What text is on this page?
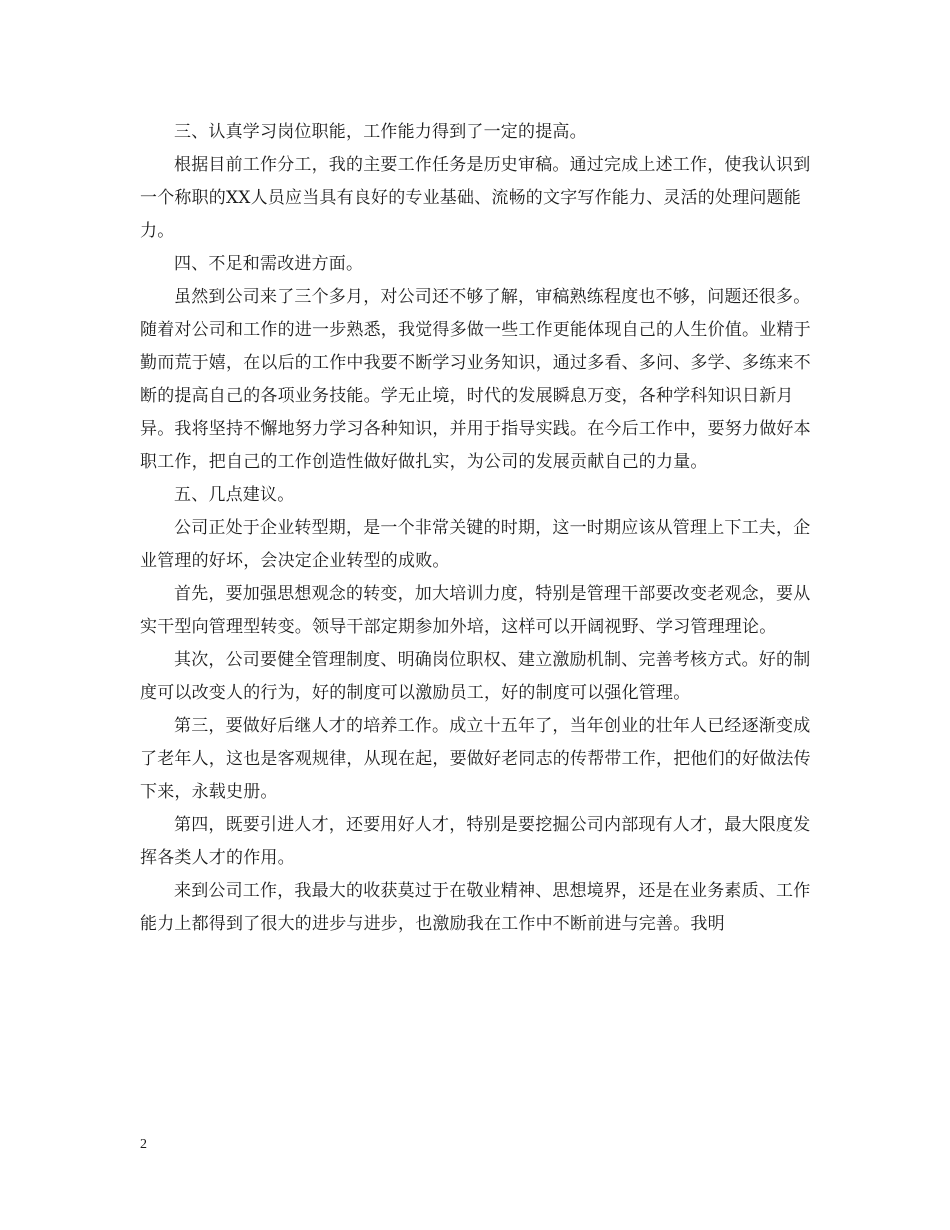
三、认真学习岗位职能，工作能力得到了一定的提高。

根据目前工作分工，我的主要工作任务是历史审稿。通过完成上述工作，使我认识到一个称职的XX人员应当具有良好的专业基础、流畅的文字写作能力、灵活的处理问题能力。

四、不足和需改进方面。

虽然到公司来了三个多月，对公司还不够了解，审稿熟练程度也不够，问题还很多。随着对公司和工作的进一步熟悉，我觉得多做一些工作更能体现自己的人生价值。业精于勤而荒于嬉，在以后的工作中我要不断学习业务知识，通过多看、多问、多学、多练来不断的提高自己的各项业务技能。学无止境，时代的发展瞬息万变，各种学科知识日新月异。我将坚持不懈地努力学习各种知识，并用于指导实践。在今后工作中，要努力做好本职工作，把自己的工作创造性做好做扎实，为公司的发展贡献自己的力量。

五、几点建议。

公司正处于企业转型期，是一个非常关键的时期，这一时期应该从管理上下工夫，企业管理的好坏，会决定企业转型的成败。

首先，要加强思想观念的转变，加大培训力度，特别是管理干部要改变老观念，要从实干型向管理型转变。领导干部定期参加外培，这样可以开阔视野、学习管理理论。

其次，公司要健全管理制度、明确岗位职权、建立激励机制、完善考核方式。好的制度可以改变人的行为，好的制度可以激励员工，好的制度可以强化管理。

第三，要做好后继人才的培养工作。成立十五年了，当年创业的壮年人已经逐渐变成了老年人，这也是客观规律，从现在起，要做好老同志的传帮带工作，把他们的好做法传下来，永载史册。

第四，既要引进人才，还要用好人才，特别是要挖掘公司内部现有人才，最大限度发挥各类人才的作用。

来到公司工作，我最大的收获莫过于在敬业精神、思想境界，还是在业务素质、工作能力上都得到了很大的进步与进步，也激励我在工作中不断前进与完善。我明

2
